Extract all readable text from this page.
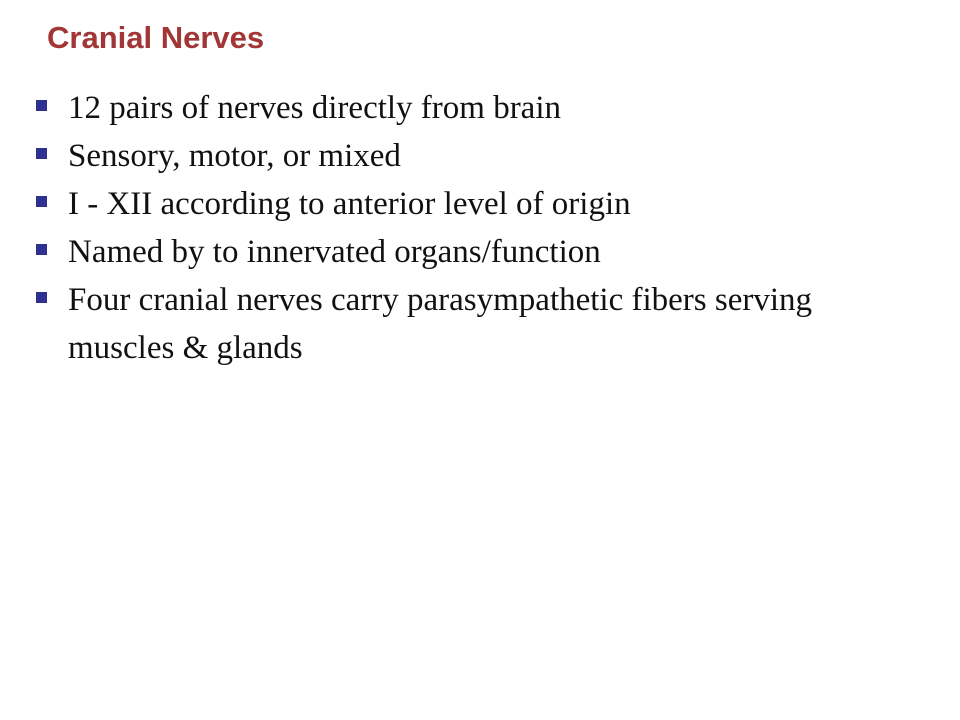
Cranial Nerves
12 pairs of nerves directly from brain
Sensory, motor, or mixed
I - XII according to anterior level of origin
Named by to innervated organs/function
Four cranial nerves carry parasympathetic fibers serving muscles & glands
